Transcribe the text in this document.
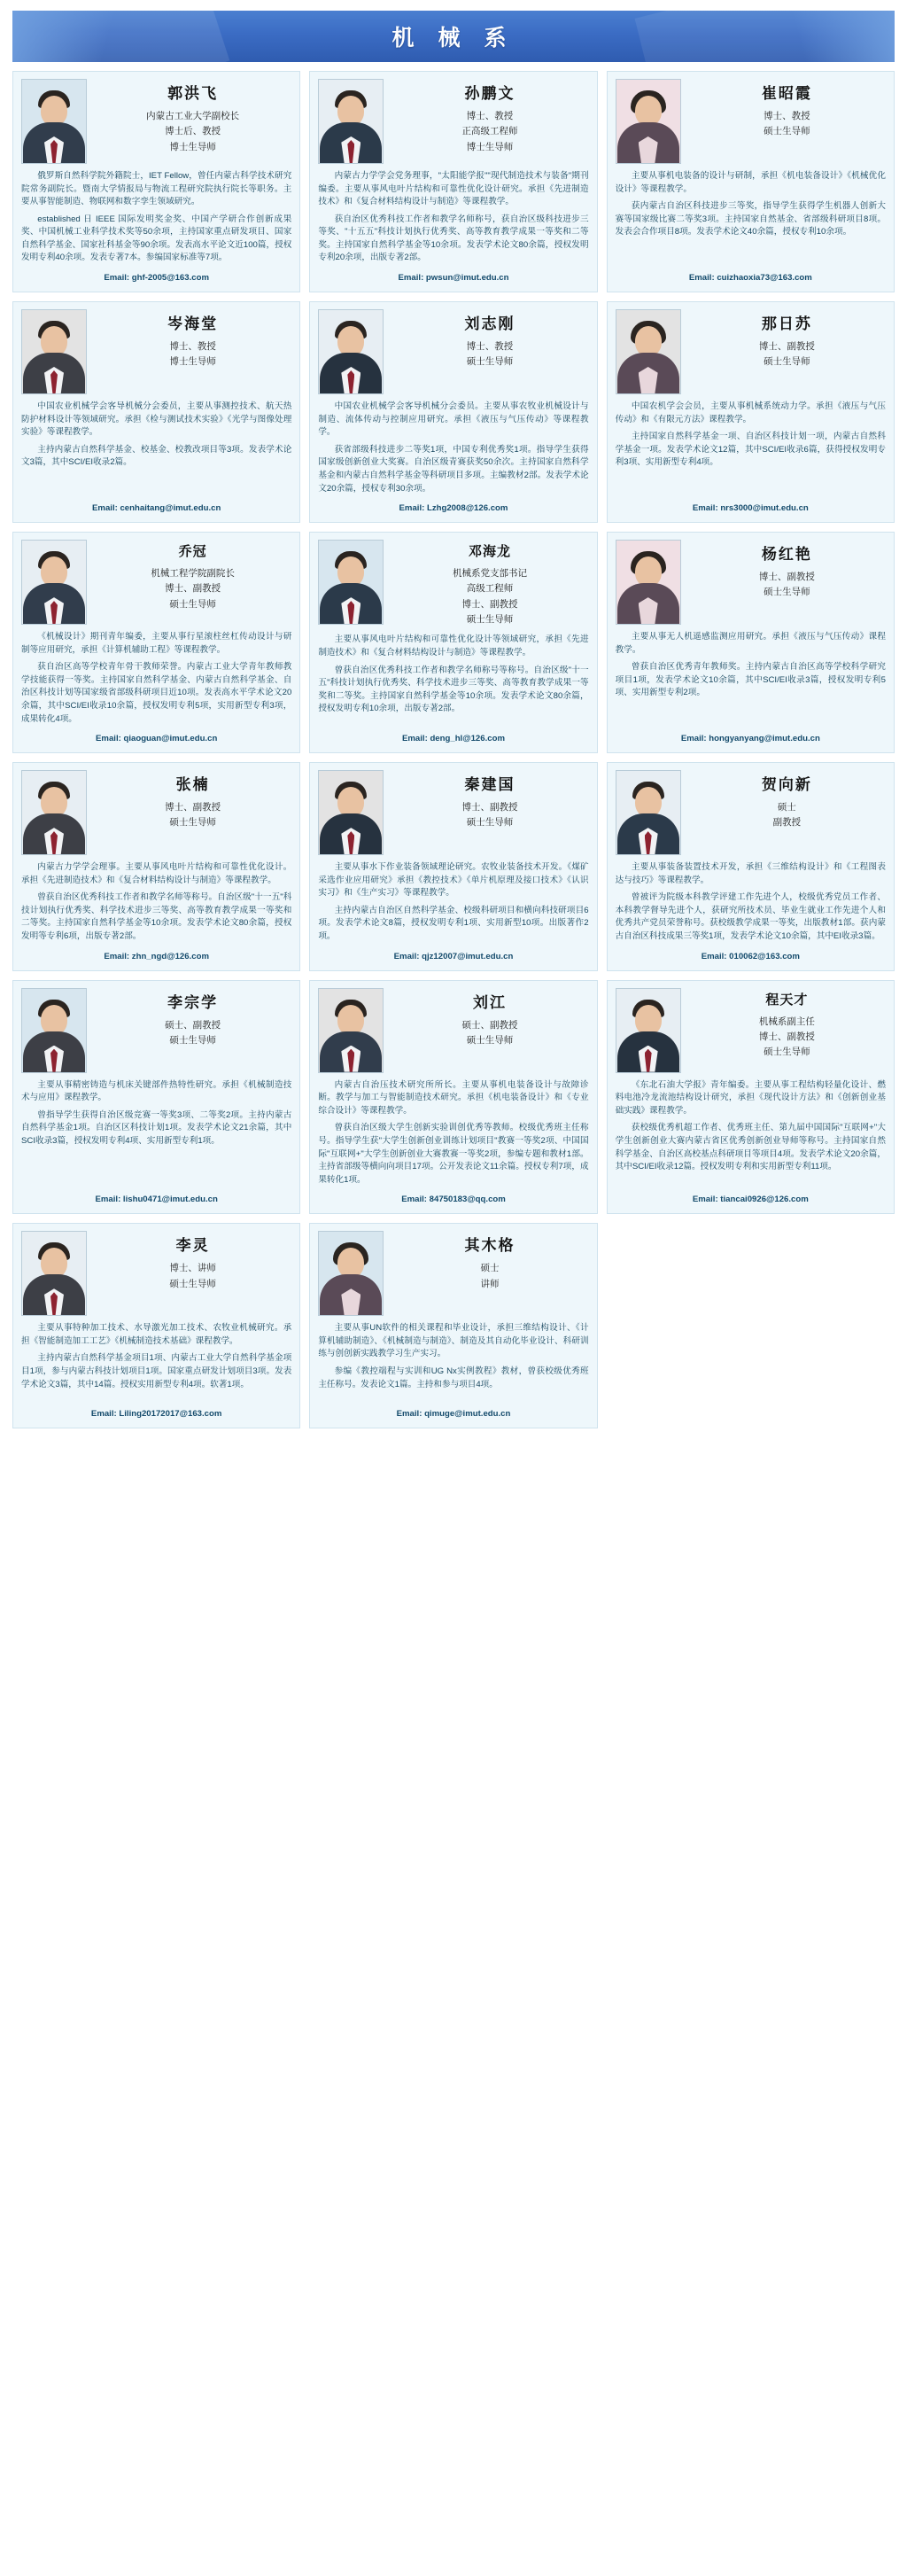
机 械 系
郭洪飞
内蒙古工业大学副校长
博士后、教授
博士生导师

俄罗斯自然科学院外籍院士，IET Fellow，曾任内蒙古科学技术研究院常务副院长。暨南大学情报局与物流工程研究院执行院长等职务。主要从事智能制造、物联网和数字孪生领域研究。

established 日 IEEE 国际发明奖金奖、中国产学研合作创新成果奖、中国机械工业科学技术奖等50余项，主持国家重点研发项目、国家自然科学基金、国家社科基金等90余项。发表高水平论文近100篇，授权发明专利40余项。发表专著7本。参编国家标准等7项。

Email: ghf-2005@163.com
孙鹏文
博士、教授
正高级工程师
博士生导师

内蒙古力学学会党务理事，"太阳能学报""现代制造技术与装备"期刊编委。主要从事风电叶片结构和可靠性优化设计研究。承担《先进制造技术》和《复合材料结构设计与制造》等课程教学。

获自治区优秀科技工作者和教学名师称号，获自治区级科技进步三等奖、"十五五"科技计划执行优秀奖、高等教育教学成果一等奖和二等奖。主持国家自然科学基金等10余项。发表学术论文80余篇，授权发明专利20余项，出版专著2部。

Email: pwsun@imut.edu.cn
崔昭霞
博士、教授
硕士生导师

主要从事机电装备的设计与研制，承担《机电装备设计》《机械优化设计》等课程教学。

获内蒙古自治区科技进步三等奖，指导学生获得学生机器人创新大赛等国家级比赛二等奖3项。主持国家自然基金、省部级科研项目8项。发表会合作项目8项。发表学术论文40余篇，授权专利10余项。

Email: cuizhaoxia73@163.com
岑海堂
博士、教授
博士生导师

中国农业机械学会客导机械分会委员，主要从事测控技术、航天热防护材料设计等领域研究。承担《检与测试技术实验》《光学与图像处理实验》等课程教学。

主持内蒙古自然科学基金、校基金、校教改项目等3项。发表学术论文3篇，其中SCI/EI收录2篇。

Email: cenhaitang@imut.edu.cn
刘志刚
博士、教授
硕士生导师

中国农业机械学会客导机械分会委员。主要从事农牧业机械设计与制造、流体传动与控制应用研究。承担《液压与气压传动》等课程教学。

获省部级科技进步二等奖1项，中国专利优秀奖1项。指导学生获得国家级创新创业大奖赛。自治区级青赛获奖50余次。主持国家自然科学基金和内蒙古自然科学基金等科研项目多项。主编教材2部。发表学术论文20余篇，授权专利30余项。

Email: Lzhg2008@126.com
那日苏
博士、副教授
硕士生导师

中国农机学会会员，主要从事机械系统动力学。承担《液压与气压传动》和《有限元方法》课程教学。

主持国家自然科学基金一项、自治区科技计划一项，内蒙古自然科学基金一项。发表学术论文12篇，其中SCI/EI收录6篇，获得授权发明专利3项、实用新型专利4项。

Email: nrs3000@imut.edu.cn
乔冠
机械工程学院副院长
博士、副教授
硕士生导师

《机械设计》期刊青年编委，主要从事行星滚柱丝杠传动设计与研制等应用研究，承担《计算机辅助工程》等课程教学。

获自治区高等学校青年骨干教师荣誉。内蒙古工业大学青年教师教学技能获得一等奖。主持国家自然科学基金、内蒙古自然科学基金、自治区科技计划等国家级省部级科研项目近10项。发表高水平学术论文20余篇，其中SCI/EI收录10余篇，授权发明专利5项，实用新型专利3项，成果转化4项。

Email: qiaoguan@imut.edu.cn
邓海龙
机械系党支部书记
高级工程师
博士、副教授
硕士生导师

主要从事风电叶片结构和可靠性优化设计等领域研究，承担《先进制造技术》和《复合材料结构设计与制造》等课程教学。

曾获自治区优秀科技工作者和教学名师称号等称号。自治区级"十一五"科技计划执行优秀奖、科学技术进步三等奖、高等教育教学成果一等奖和二等奖。主持国家自然科学基金等10余项。发表学术论文80余篇，授权发明专利10余项，出版专著2部。

Email: deng_hl@126.com
杨红艳
博士、副教授
硕士生导师

主要从事无人机遥感监测应用研究。承担《液压与气压传动》课程教学。

曾获自治区优秀青年教师奖。主持内蒙古自治区高等学校科学研究项目1项，发表学术论文10余篇，其中SCI/EI收录3篇，授权发明专利5项、实用新型专利2项。

Email: hongyanyang@imut.edu.cn
张楠
博士、副教授
硕士生导师

内蒙古力学学会理事。主要从事风电叶片结构和可靠性优化设计。承担《先进制造技术》和《复合材料结构设计与制造》等课程教学。

曾获自治区优秀科技工作者和教学名师等称号。自治区级"十一五"科技计划执行优秀奖、科学技术进步三等奖、高等教育教学成果一等奖和二等奖。主持国家自然科学基金等10余项。发表学术论文80余篇，授权发明等专利6项，出版专著2部。

Email: zhn_ngd@126.com
秦建国
博士、副教授
硕士生导师

主要从事水下作业装备领域理论研究。农牧业装备技术开发。《煤矿采选作业应用研究》承担《教控技术》《单片机原理及接口技术》《认识实习》和《生产实习》等课程教学。

主持内蒙古自治区自然科学基金、校级科研项目和横向科技研项目6项。发表学术论文8篇，授权发明专利1项、实用新型10项。出版著作2项。

Email: qjz12007@imut.edu.cn
贺向新
硕士
副教授

主要从事装备装置技术开发，承担《三维结构设计》和《工程图表达与技巧》等课程教学。

曾被评为院级本科教学评建工作先进个人，校级优秀党员工作者、本科教学督导先进个人，获研究所技术员、毕业生就业工作先进个人和优秀共产党员荣誉称号。获校级教学成果一等奖，出版教材1部。获内蒙古自治区科技成果三等奖1项，发表学术论文10余篇，其中EI收录3篇。

Email: 010062@163.com
李宗学
硕士、副教授
硕士生导师

主要从事精密铸造与机床关键部件热特性研究。承担《机械制造技术与应用》课程教学。

曾指导学生获得自治区级竞赛一等奖3项、二等奖2项。主持内蒙古自然科学基金1项。自治区区科技计划1项。发表学术论文21余篇，其中SCI收录3篇，授权发明专利4项、实用新型专利1项。

Email: lishu0471@imut.edu.cn
刘江
硕士、副教授
硕士生导师

内蒙古自治压技术研究所所长。主要从事机电装备设计与故障诊断。教学与加工与智能制造技术研究。承担《机电装备设计》和《专业综合设计》等课程教学。

曾获自治区级大学生创新实验训创优秀等教师。校级优秀班主任称号。指导学生获"大学生创新创业训练计划项目"教赛一等奖2项、中国国际"互联网+"大学生创新创业大赛教赛一等奖2项，参编专题和教材1部。主持省部级等横向向项目17项。公开发表论文11余篇。授权专利7项，成果转化1项。

Email: 84750183@qq.com
程天才
机械系副主任
博士、副教授
硕士生导师

《东北石油大学报》青年编委。主要从事工程结构轻量化设计、燃料电池冷龙流池结构设计研究，承担《现代设计方法》和《创新创业基础实践》课程教学。

获校级优秀机超工作者、优秀班主任、第九届中国国际"互联网+"大学生创新创业大赛内蒙古省区优秀创新创业导师等称号。主持国家自然科学基金、自治区高校基点科研项目等项目4项。发表学术论文20余篇，其中SCI/EI收录12篇。授权发明专利和实用新型专利11项。

Email: tiancai0926@126.com
李灵
博士、讲师
硕士生导师

主要从事特种加工技术、水导激光加工技术、农牧业机械研究。承担《智能制造加工工艺》《机械制造技术基础》课程教学。

主持内蒙古自然科学基金项目1项、内蒙古工业大学自然科学基金项目1项，参与内蒙古科技计划项目1项。国家重点研发计划项目3项。发表学术论文3篇，其中14篇。授权实用新型专利4项。软著1项。

Email: Liling20172017@163.com
其木格
硕士
讲师

主要从事UN软件的相关课程和毕业设计，承担三维结构设计、《计算机辅助制造》、《机械制造与制造》、制造及其自动化毕业设计、科研训练与创创新实践教学习生产实习。

参编《教控端程与实训和UG Nx实例教程》教材，曾获校级优秀班主任称号。发表论文1篇。主持和参与项目4项。

Email: qimuge@imut.edu.cn
